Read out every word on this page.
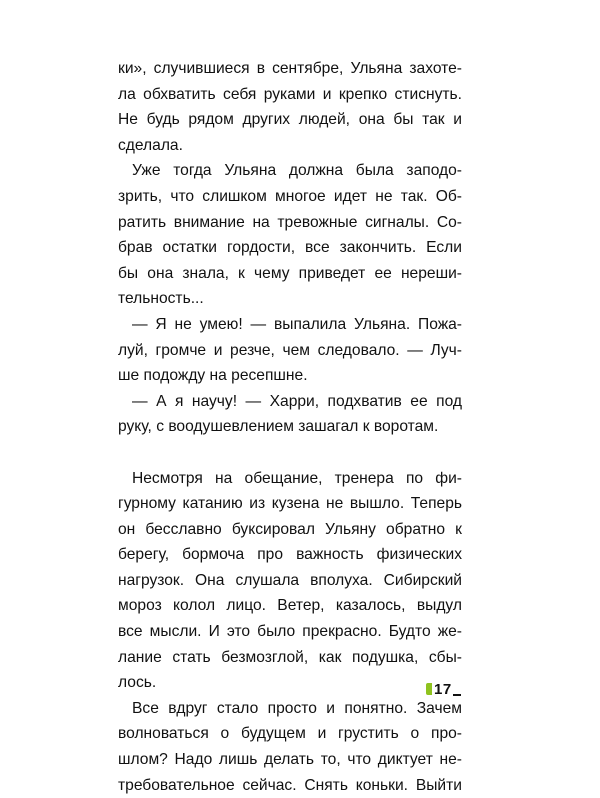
ки», случившиеся в сентябре, Ульяна захоте-
ла обхватить себя руками и крепко стиснуть.
Не будь рядом других людей, она бы так и
сделала.
Уже тогда Ульяна должна была заподо-
зрить, что слишком многое идет не так. Об-
ратить внимание на тревожные сигналы. Со-
брав остатки гордости, все закончить. Если
бы она знала, к чему приведет ее нереши-
тельность...
— Я не умею! — выпалила Ульяна. Пожа-
луй, громче и резче, чем следовало. — Луч-
ше подожду на ресепшне.
— А я научу! — Харри, подхватив ее под
руку, с воодушевлением зашагал к воротам.
Несмотря на обещание, тренера по фи-
гурному катанию из кузена не вышло. Теперь
он бесславно буксировал Ульяну обратно к
берегу, бормоча про важность физических
нагрузок. Она слушала вполуха. Сибирский
мороз колол лицо. Ветер, казалось, выдул
все мысли. И это было прекрасно. Будто же-
лание стать безмозглой, как подушка, сбы-
лось.
Все вдруг стало просто и понятно. Зачем
волноваться о будущем и грустить о про-
шлом? Надо лишь делать то, что диктует не-
требовательное сейчас. Снять коньки. Выйти
17
